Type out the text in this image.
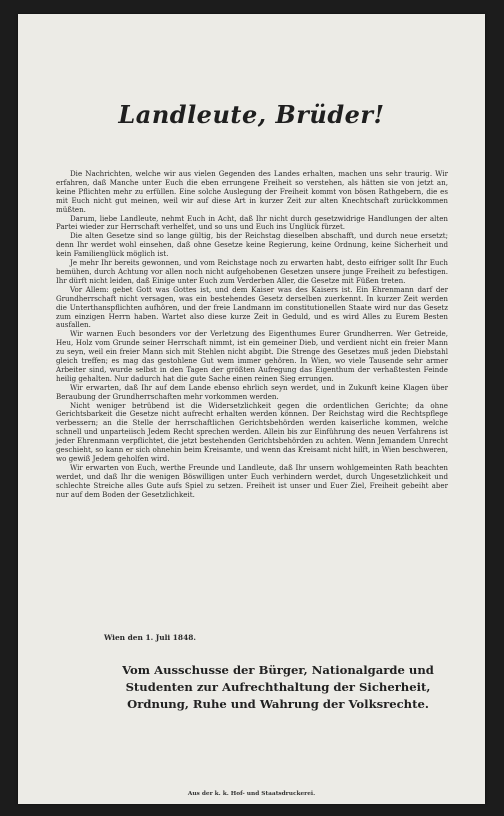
Landleute, Brüder!

Die Nachrichten, welche wir aus vielen Gegenden des Landes erhalten, machen uns sehr traurig. Wir erfahren, daß Manche unter Euch die eben errungene Freiheit so verstehen, als hätten sie von jetzt an, keine Pflichten mehr zu erfüllen. Eine solche Auslegung der Freiheit kommt von bösen Rathgebern, die es mit Euch nicht gut meinen, weil wir auf diese Art in kurzer Zeit zur alten Knechtschaft zurückkommen müßten.

Darum, liebe Landleute, nehmt Euch in Acht, daß Ihr nicht durch gesetzwidrige Handlungen der alten Partei wieder zur Herrschaft verhelfet, und so uns und Euch ins Unglück fürzet.

Die alten Gesetze sind so lange gültig, bis der Reichstag dieselben abschafft, und durch neue ersetzt; denn Ihr werdet wohl einsehen, daß ohne Gesetze keine Regierung, keine Ordnung, keine Sicherheit und kein Familienglück möglich ist.

Je mehr Ihr bereits gewonnen, und vom Reichstage noch zu erwarten habt, desto eifriger sollt Ihr Euch bemühen, durch Achtung vor allen noch nicht aufgehobenen Gesetzen unsere junge Freiheit zu befestigen. Ihr dürft nicht leiden, daß Einige unter Euch zum Verderben Aller, die Gesetze mit Füßen treten.

Vor Allem: gebet Gott was Gottes ist, und dem Kaiser was des Kaisers ist. Ein Ehrenmann darf der Grundherrschaft nicht versagen, was ein bestehendes Gesetz derselben zuerkennt. In kurzer Zeit werden die Unterthanspflichten aufhören, und der freie Landmann im constitutionellen Staate wird nur das Gesetz zum einzigen Herrn haben. Wartet also diese kurze Zeit in Geduld, und es wird Alles zu Eurem Besten ausfallen.

Wir warnen Euch besonders vor der Verletzung des Eigenthumes Eurer Grundherren. Wer Getreide, Heu, Holz vom Grunde seiner Herrschaft nimmt, ist ein gemeiner Dieb, und verdient nicht ein freier Mann zu seyn, weil ein freier Mann sich mit Stehlen nicht abgibt. Die Strenge des Gesetzes muß jeden Diebstahl gleich treffen; es mag das gestohlene Gut wem immer gehören. In Wien, wo viele Tausende sehr armer Arbeiter sind, wurde selbst in den Tagen der größten Aufregung das Eigenthum der verhaßtesten Feinde heilig gehalten. Nur dadurch hat die gute Sache einen reinen Sieg errungen.

Wir erwarten, daß Ihr auf dem Lande ebenso ehrlich seyn werdet, und in Zukunft keine Klagen über Beraubung der Grundherrschaften mehr vorkommen werden.

Nicht weniger betrübend ist die Widersetzlichkeit gegen die ordentlichen Gerichte; da ohne Gerichtsbarkeit die Gesetze nicht aufrecht erhalten werden können. Der Reichstag wird die Rechtspflege verbessern; an die Stelle der herrschaftlichen Gerichtsbehörden werden kaiserliche kommen, welche schnell und unparteiisch Jedem Recht sprechen werden. Allein bis zur Einführung des neuen Verfahrens ist jeder Ehrenmann verpflichtet, die jetzt bestehenden Gerichtsbehörden zu achten. Wenn Jemandem Unrecht geschieht, so kann er sich ohnehin beim Kreisamte, und wenn das Kreisamt nicht hilft, in Wien beschweren, wo gewiß Jedem geholfen wird.

Wir erwarten von Euch, werthe Freunde und Landleute, daß Ihr unsern wohlgemeinten Rath beachten werdet, und daß Ihr die wenigen Böswilligen unter Euch verhindern werdet, durch Ungesetzlichkeit und schlechte Streiche alles Gute aufs Spiel zu setzen. Freiheit ist unser und Euer Ziel, Freiheit gebeiht aber nur auf dem Boden der Gesetzlichkeit.

Wien den 1. Juli 1848.
Vom Ausschusse der Bürger, Nationalgarde und
Studenten zur Aufrechthaltung der Sicherheit,
Ordnung, Ruhe und Wahrung der Volksrechte.
Aus der k. k. Hof- und Staatsdruckerei.
